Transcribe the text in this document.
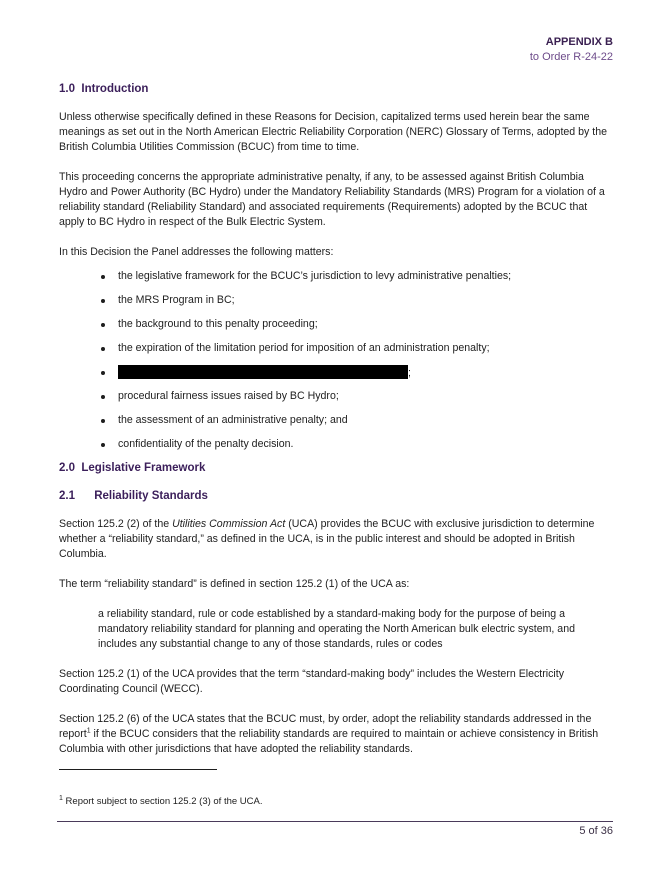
APPENDIX B
to Order R-24-22
1.0 Introduction

Unless otherwise specifically defined in these Reasons for Decision, capitalized terms used herein bear the same meanings as set out in the North American Electric Reliability Corporation (NERC) Glossary of Terms, adopted by the British Columbia Utilities Commission (BCUC) from time to time.

This proceeding concerns the appropriate administrative penalty, if any, to be assessed against British Columbia Hydro and Power Authority (BC Hydro) under the Mandatory Reliability Standards (MRS) Program for a violation of a reliability standard (Reliability Standard) and associated requirements (Requirements) adopted by the BCUC that apply to BC Hydro in respect of the Bulk Electric System.

In this Decision the Panel addresses the following matters:

the legislative framework for the BCUC’s jurisdiction to levy administrative penalties;
the MRS Program in BC;
the background to this penalty proceeding;
the expiration of the limitation period for imposition of an administration penalty;
;
procedural fairness issues raised by BC Hydro;
the assessment of an administrative penalty; and
confidentiality of the penalty decision.
2.0 Legislative Framework
2.1 Reliability Standards

Section 125.2 (2) of the Utilities Commission Act (UCA) provides the BCUC with exclusive jurisdiction to determine whether a “reliability standard,” as defined in the UCA, is in the public interest and should be adopted in British Columbia.

The term “reliability standard” is defined in section 125.2 (1) of the UCA as:

a reliability standard, rule or code established by a standard-making body for the purpose of being a mandatory reliability standard for planning and operating the North American bulk electric system, and includes any substantial change to any of those standards, rules or codes

Section 125.2 (1) of the UCA provides that the term “standard-making body” includes the Western Electricity Coordinating Council (WECC).

Section 125.2 (6) of the UCA states that the BCUC must, by order, adopt the reliability standards addressed in the report$^1$ if the BCUC considers that the reliability standards are required to maintain or achieve consistency in British Columbia with other jurisdictions that have adopted the reliability standards.

$^1$ Report subject to section 125.2 (3) of the UCA.
5 of 36
